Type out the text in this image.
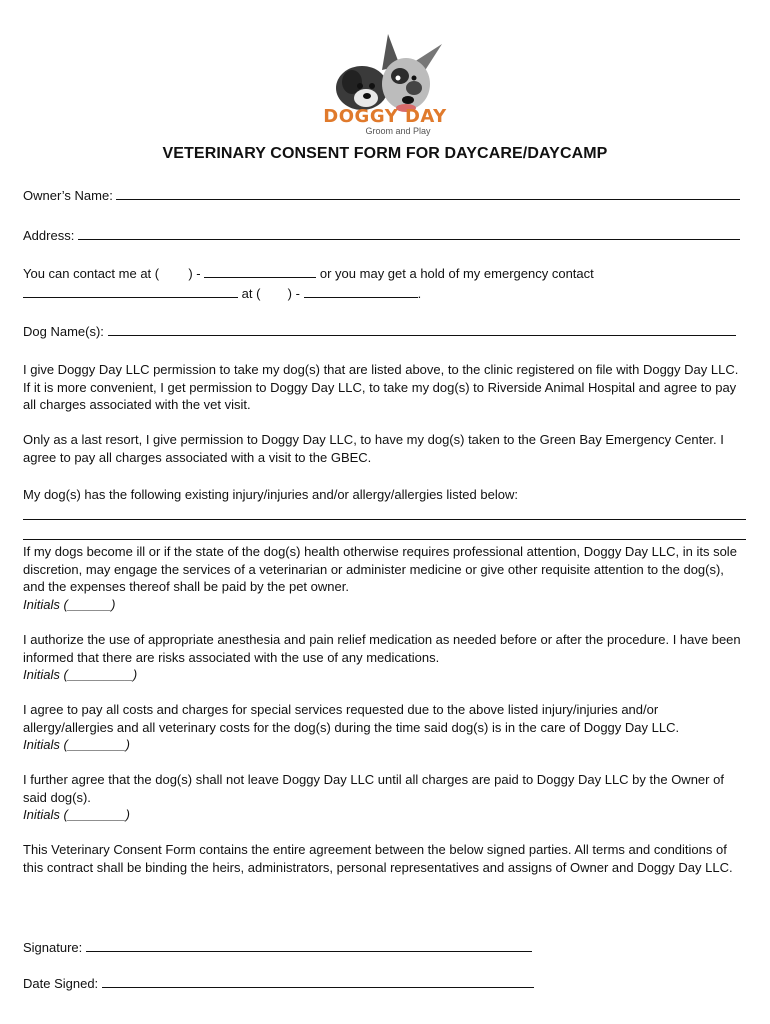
DOGGY DAY
Groom and Play
VETERINARY CONSENT FORM FOR DAYCARE/DAYCAMP
Owner’s Name:
Address:
You can contact me at ( ) -	or you may get a hold of my emergency contact
at ( ) -	.
Dog Name(s):
I give Doggy Day LLC permission to take my dog(s) that are listed above, to the clinic registered on file with Doggy Day LLC. If it is more convenient, I get permission to Doggy Day LLC, to take my dog(s) to Riverside Animal Hospital and agree to pay all charges associated with the vet visit.
Only as a last resort, I give permission to Doggy Day LLC, to have my dog(s) taken to the Green Bay Emergency Center. I agree to pay all charges associated with a visit to the GBEC.
My dog(s) has the following existing injury/injuries and/or allergy/allergies listed below:
If my dogs become ill or if the state of the dog(s) health otherwise requires professional attention, Doggy Day LLC, in its sole discretion, may engage the services of a veterinarian or administer medicine or give other requisite attention to the dog(s), and the expenses thereof shall be paid by the pet owner.
Initials (______)
I authorize the use of appropriate anesthesia and pain relief medication as needed before or after the procedure. I have been informed that there are risks associated with the use of any medications.
Initials (_________)
I agree to pay all costs and charges for special services requested due to the above listed injury/injuries and/or allergy/allergies and all veterinary costs for the dog(s) during the time said dog(s) is in the care of Doggy Day LLC.
Initials (________)
I further agree that the dog(s) shall not leave Doggy Day LLC until all charges are paid to Doggy Day LLC by the Owner of said dog(s).
Initials (________)
This Veterinary Consent Form contains the entire agreement between the below signed parties. All terms and conditions of this contract shall be binding the heirs, administrators, personal representatives and assigns of Owner and Doggy Day LLC.
Signature:
Date Signed:
